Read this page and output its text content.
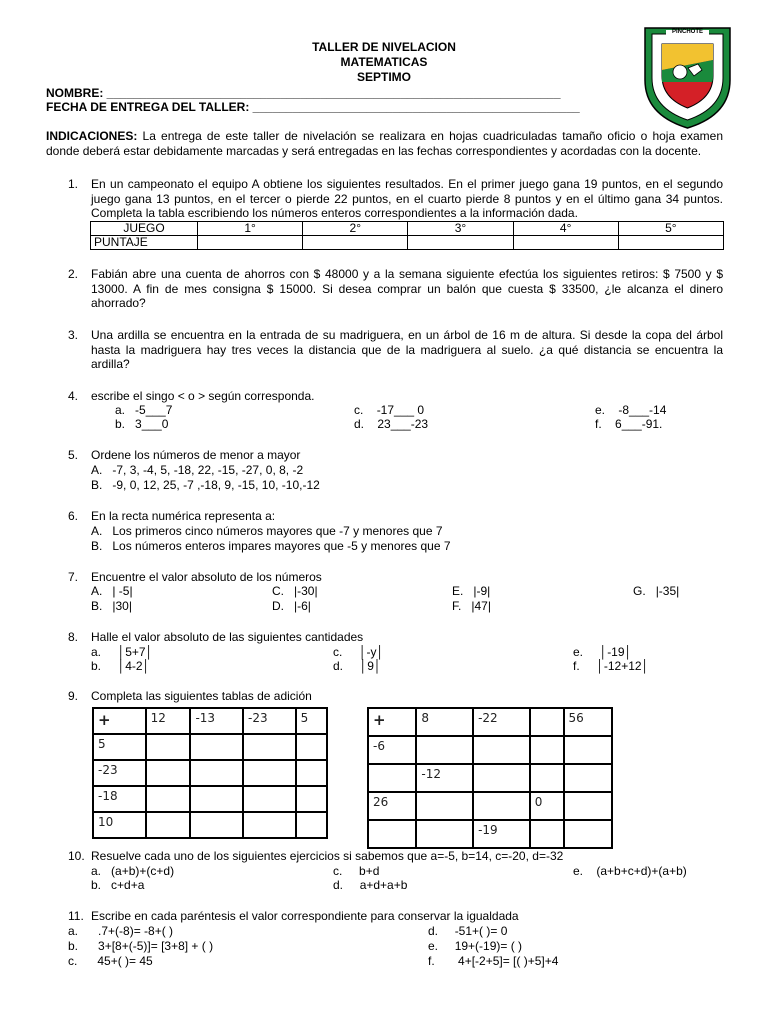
TALLER DE NIVELACION
MATEMATICAS
SEPTIMO
NOMBRE: ____________________________________________________________________
FECHA DE ENTREGA DEL TALLER: _________________________________________________
PINCHOTE
INDICACIONES: La entrega de este taller de nivelación se realizara en hojas cuadriculadas tamaño oficio o hoja examen donde deberá estar debidamente marcadas y será entregadas en las fechas correspondientes y acordadas con la docente.
1. En un campeonato el equipo A obtiene los siguientes resultados. En el primer juego gana 19 puntos, en el segundo juego gana 13 puntos, en el tercer o pierde 22 puntos, en el cuarto pierde 8 puntos y en el último gana 34 puntos. Completa la tabla escribiendo los números enteros correspondientes a la información dada.
JUEGO	1°	2°	3°	4°	5°
PUNTAJE					
2. Fabián abre una cuenta de ahorros con $ 48000 y a la semana siguiente efectúa los siguientes retiros: $ 7500 y $ 13000. A fin de mes consigna $ 15000. Si desea comprar un balón que cuesta $ 33500, ¿le alcanza el dinero ahorrado?
3. Una ardilla se encuentra en la entrada de su madriguera, en un árbol de 16 m de altura. Si desde la copa del árbol hasta la madriguera hay tres veces la distancia que de la madriguera al suelo. ¿a qué distancia se encuentra la ardilla?
4. escribe el singo < o > según corresponda.
a. -5___7	c. -17___ 0	e. -8___-14
b. 3___0	d. 23___-23	f. 6___-91.
5. Ordene los números de menor a mayor
A. -7, 3, -4, 5, -18, 22, -15, -27, 0, 8, -2
B. -9, 0, 12, 25, -7 ,-18, 9, -15, 10, -10,-12
6. En la recta numérica representa a:
A. Los primeros cinco números mayores que -7 y menores que 7
B. Los números enteros impares mayores que -5 y menores que 7
7. Encuentre el valor absoluto de los números
A. | -5|	C. |-30|	E. |-9|	G. |-35|
B. |30|	D. |-6|	F. |47|
8. Halle el valor absoluto de las siguientes cantidades
a.     │5+7│	c.     │-y│	e.     │-19│
b.     │4-2│	d.     │9│	f.     │-12+12│
9. Completa las siguientes tablas de adición
+	12	-13	-23	5
5				
-23				
-18				
10				
+	8	-22		56
-6				
	-12			
26			0	
		-19		
10. Resuelve cada uno de los siguientes ejercicios si sabemos que a=-5, b=14, c=-20, d=-32
a. (a+b)+(c+d)	c. b+d	e. (a+b+c+d)+(a+b)
b. c+d+a	d. a+d+a+b
11. Escribe en cada paréntesis el valor correspondiente para conservar la igualdada
a. .7+(-8)= -8+( )	d. -51+( )= 0
b. 3+[8+(-5)]= [3+8] + ( )	e. 19+(-19)= ( )
c. 45+( )= 45	f. 4+[-2+5]= [( )+5]+4
